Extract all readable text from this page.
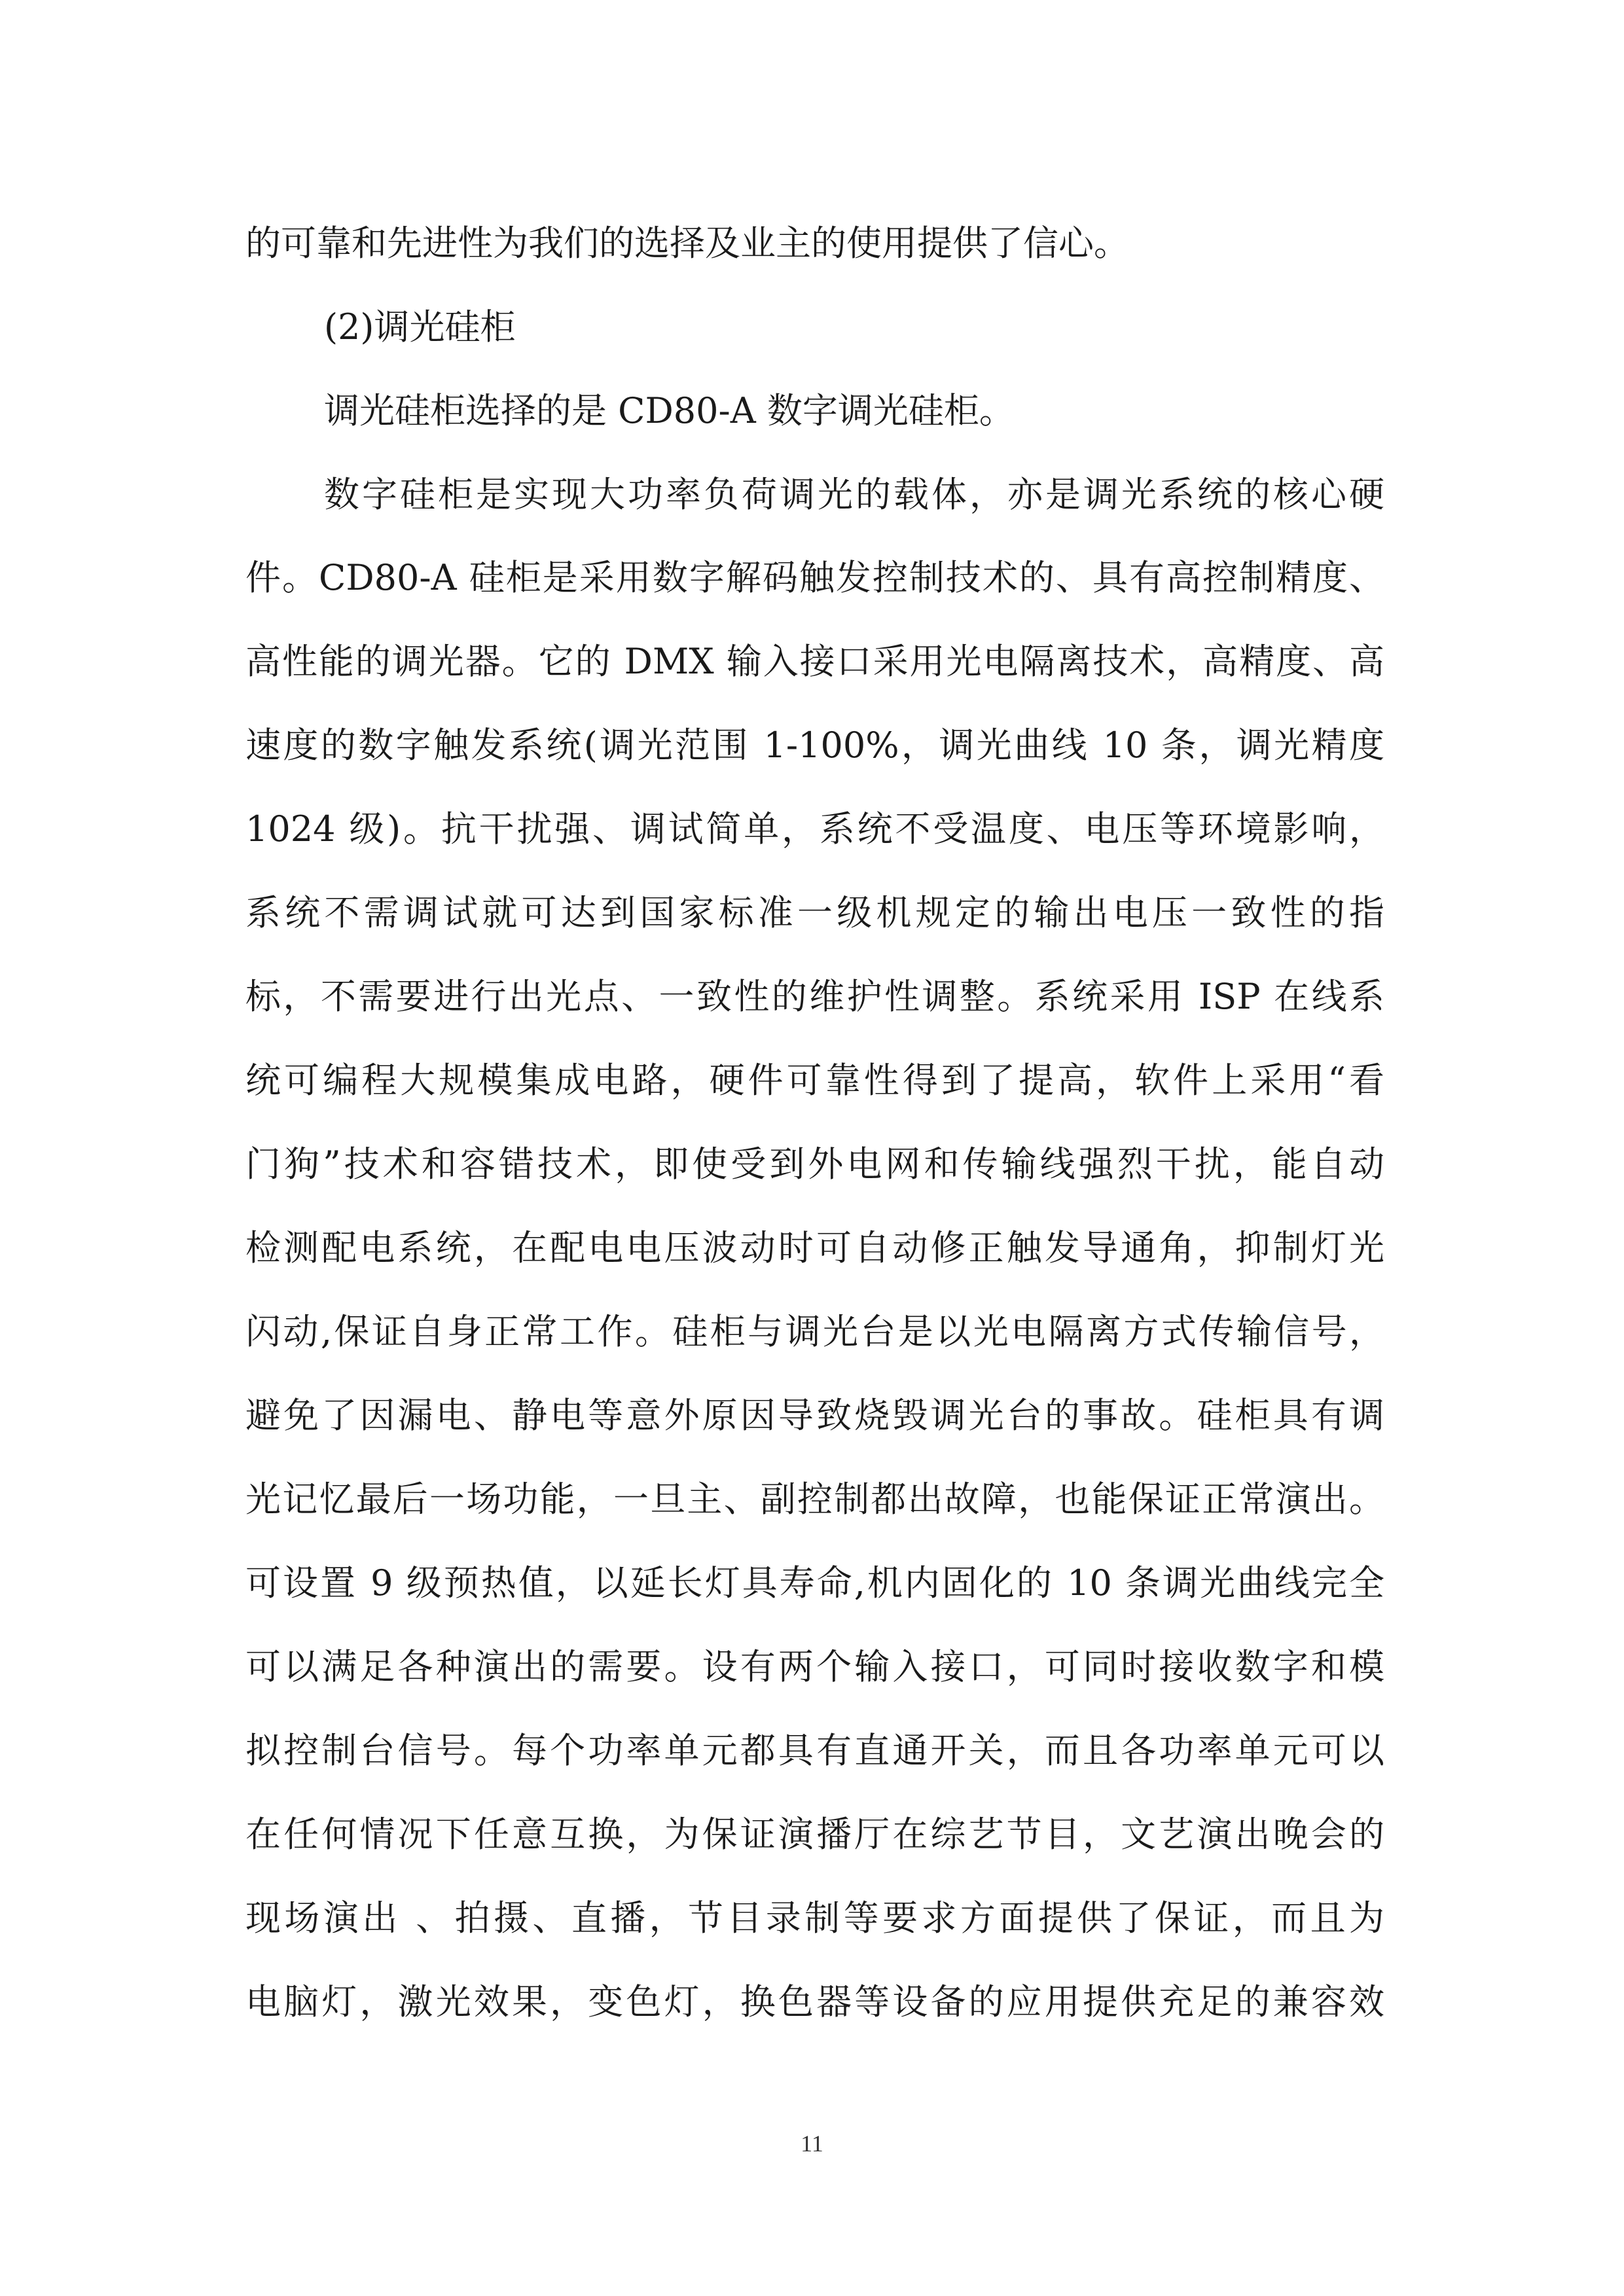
的可靠和先进性为我们的选择及业主的使用提供了信心。
(2)调光硅柜
调光硅柜选择的是 CD80-A 数字调光硅柜。
数字硅柜是实现大功率负荷调光的载体，亦是调光系统的核心硬
件。CD80-A 硅柜是采用数字解码触发控制技术的、具有高控制精度、
高性能的调光器。它的 DMX 输入接口采用光电隔离技术，高精度、高
速度的数字触发系统(调光范围 1-100%，调光曲线 10 条，调光精度
1024 级)。抗干扰强、调试简单，系统不受温度、电压等环境影响，
系统不需调试就可达到国家标准一级机规定的输出电压一致性的指
标，不需要进行出光点、一致性的维护性调整。系统采用 ISP 在线系
统可编程大规模集成电路，硬件可靠性得到了提高，软件上采用“看
门狗”技术和容错技术，即使受到外电网和传输线强烈干扰，能自动
检测配电系统，在配电电压波动时可自动修正触发导通角，抑制灯光
闪动,保证自身正常工作。硅柜与调光台是以光电隔离方式传输信号，
避免了因漏电、静电等意外原因导致烧毁调光台的事故。硅柜具有调
光记忆最后一场功能，一旦主、副控制都出故障，也能保证正常演出。
可设置 9 级预热值，以延长灯具寿命,机内固化的 10 条调光曲线完全
可以满足各种演出的需要。设有两个输入接口，可同时接收数字和模
拟控制台信号。每个功率单元都具有直通开关，而且各功率单元可以
在任何情况下任意互换，为保证演播厅在综艺节目，文艺演出晚会的
现场演出 、拍摄、直播，节目录制等要求方面提供了保证，而且为
电脑灯，激光效果，变色灯，换色器等设备的应用提供充足的兼容效
11
